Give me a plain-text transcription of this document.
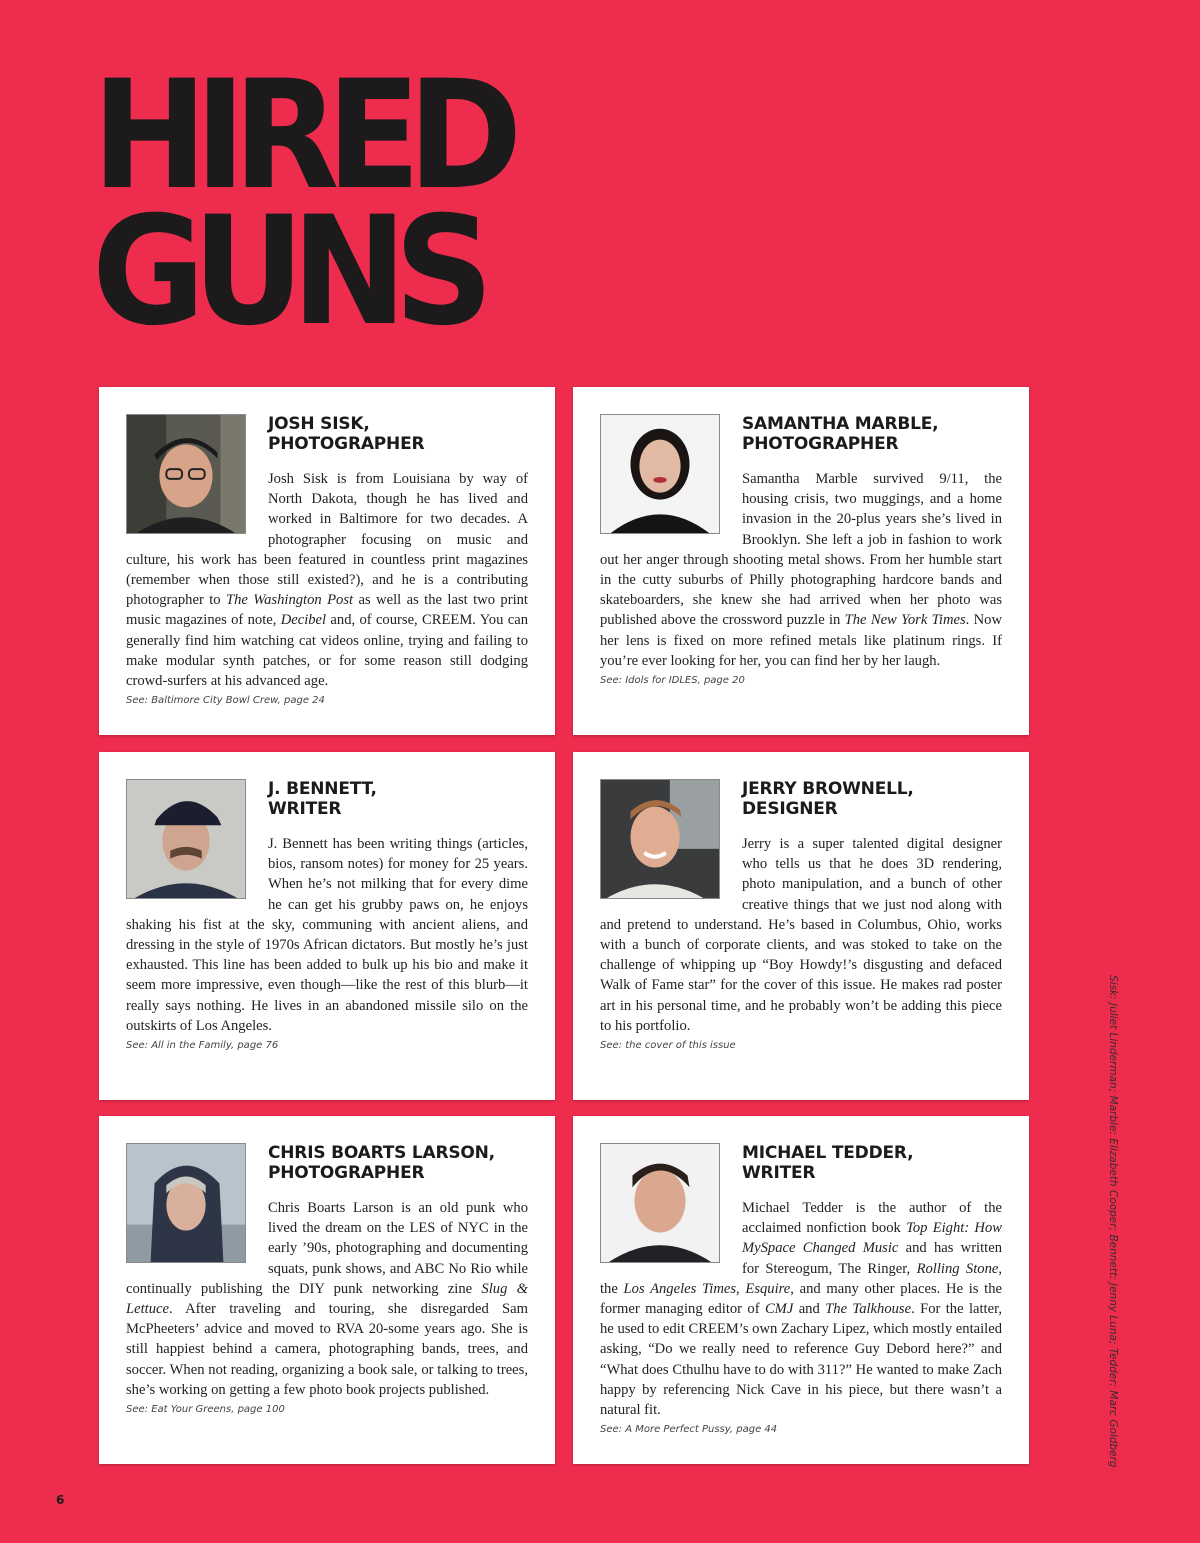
HIRED
GUNS
JOSH SISK,
PHOTOGRAPHER

Josh Sisk is from Louisiana by way of North Dakota, though he has lived and worked in Baltimore for two decades. A photographer focusing on music and culture, his work has been featured in countless print magazines (remember when those still existed?), and he is a contributing photographer to The Washington Post as well as the last two print music magazines of note, Decibel and, of course, CREEM. You can generally find him watching cat videos online, trying and failing to make modular synth patches, or for some reason still dodging crowd-surfers at his advanced age.

See: Baltimore City Bowl Crew, page 24
SAMANTHA MARBLE,
PHOTOGRAPHER

Samantha Marble survived 9/11, the housing crisis, two muggings, and a home invasion in the 20-plus years she’s lived in Brooklyn. She left a job in fashion to work out her anger through shooting metal shows. From her humble start in the cutty suburbs of Philly photographing hardcore bands and skateboarders, she knew she had arrived when her photo was published above the crossword puzzle in The New York Times. Now her lens is fixed on more refined metals like platinum rings. If you’re ever looking for her, you can find her by her laugh.

See: Idols for IDLES, page 20
J. BENNETT,
WRITER

J. Bennett has been writing things (articles, bios, ransom notes) for money for 25 years. When he’s not milking that for every dime he can get his grubby paws on, he enjoys shaking his fist at the sky, communing with ancient aliens, and dressing in the style of 1970s African dictators. But mostly he’s just exhausted. This line has been added to bulk up his bio and make it seem more impressive, even though—like the rest of this blurb—it really says nothing. He lives in an abandoned missile silo on the outskirts of Los Angeles.

See: All in the Family, page 76
JERRY BROWNELL,
DESIGNER

Jerry is a super talented digital designer who tells us that he does 3D rendering, photo manipulation, and a bunch of other creative things that we just nod along with and pretend to understand. He’s based in Columbus, Ohio, works with a bunch of corporate clients, and was stoked to take on the challenge of whipping up “Boy Howdy!’s disgusting and defaced Walk of Fame star” for the cover of this issue. He makes rad poster art in his personal time, and he probably won’t be adding this piece to his portfolio.

See: the cover of this issue
CHRIS BOARTS LARSON,
PHOTOGRAPHER

Chris Boarts Larson is an old punk who lived the dream on the LES of NYC in the early ’90s, photographing and documenting squats, punk shows, and ABC No Rio while continually publishing the DIY punk networking zine Slug & Lettuce. After traveling and touring, she disregarded Sam McPheeters’ advice and moved to RVA 20-some years ago. She is still happiest behind a camera, photographing bands, trees, and soccer. When not reading, organizing a book sale, or talking to trees, she’s working on getting a few photo book projects published.

See: Eat Your Greens, page 100
MICHAEL TEDDER,
WRITER

Michael Tedder is the author of the acclaimed nonfiction book Top Eight: How MySpace Changed Music and has written for Stereogum, The Ringer, Rolling Stone, the Los Angeles Times, Esquire, and many other places. He is the former managing editor of CMJ and The Talkhouse. For the latter, he used to edit CREEM’s own Zachary Lipez, which mostly entailed asking, “Do we really need to reference Guy Debord here?” and “What does Cthulhu have to do with 311?” He wanted to make Zach happy by referencing Nick Cave in his piece, but there wasn’t a natural fit.

See: A More Perfect Pussy, page 44	Sisk: Juliet Linderman; Marble: Elizabeth Cooper; Bennett: Jenny Luna; Tedder: Marc Goldberg
6
